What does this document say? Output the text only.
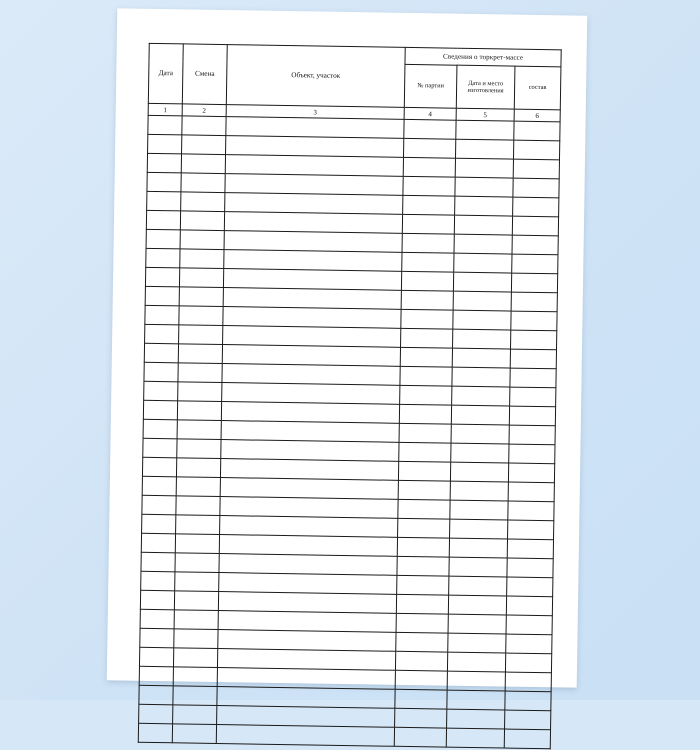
Дата	Смена	Объект, участок	Сведения о торкрет-массе		
			№ партии	Дата и место изготовления	состав
1	2	3	4	5	6
